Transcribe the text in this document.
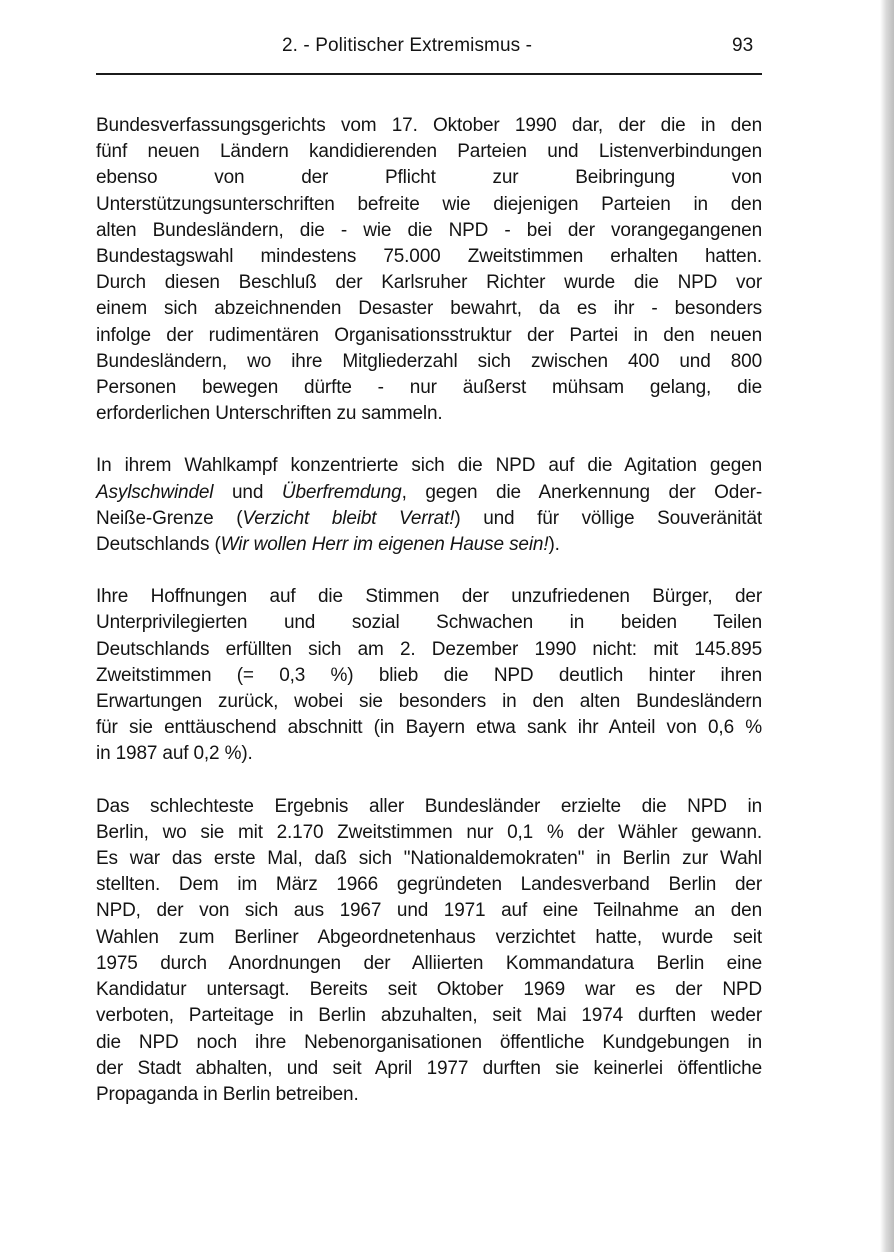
2. - Politischer Extremismus -	93

Bundesverfassungsgerichts vom 17. Oktober 1990 dar, der die in den
fünf neuen Ländern kandidierenden Parteien und Listenverbindungen
ebenso von der Pflicht zur Beibringung von
Unterstützungsunterschriften befreite wie diejenigen Parteien in den
alten Bundesländern, die - wie die NPD - bei der vorangegangenen
Bundestagswahl mindestens 75.000 Zweitstimmen erhalten hatten.
Durch diesen Beschluß der Karlsruher Richter wurde die NPD vor
einem sich abzeichnenden Desaster bewahrt, da es ihr - besonders
infolge der rudimentären Organisationsstruktur der Partei in den neuen
Bundesländern, wo ihre Mitgliederzahl sich zwischen 400 und 800
Personen bewegen dürfte - nur äußerst mühsam gelang, die
erforderlichen Unterschriften zu sammeln.

In ihrem Wahlkampf konzentrierte sich die NPD auf die Agitation gegen
Asylschwindel und Überfremdung, gegen die Anerkennung der Oder-
Neiße-Grenze (Verzicht bleibt Verrat!) und für völlige Souveränität
Deutschlands (Wir wollen Herr im eigenen Hause sein!).

Ihre Hoffnungen auf die Stimmen der unzufriedenen Bürger, der
Unterprivilegierten und sozial Schwachen in beiden Teilen
Deutschlands erfüllten sich am 2. Dezember 1990 nicht: mit 145.895
Zweitstimmen (= 0,3 %) blieb die NPD deutlich hinter ihren
Erwartungen zurück, wobei sie besonders in den alten Bundesländern
für sie enttäuschend abschnitt (in Bayern etwa sank ihr Anteil von 0,6 %
in 1987 auf 0,2 %).

Das schlechteste Ergebnis aller Bundesländer erzielte die NPD in
Berlin, wo sie mit 2.170 Zweitstimmen nur 0,1 % der Wähler gewann.
Es war das erste Mal, daß sich "Nationaldemokraten" in Berlin zur Wahl
stellten. Dem im März 1966 gegründeten Landesverband Berlin der
NPD, der von sich aus 1967 und 1971 auf eine Teilnahme an den
Wahlen zum Berliner Abgeordnetenhaus verzichtet hatte, wurde seit
1975 durch Anordnungen der Alliierten Kommandatura Berlin eine
Kandidatur untersagt. Bereits seit Oktober 1969 war es der NPD
verboten, Parteitage in Berlin abzuhalten, seit Mai 1974 durften weder
die NPD noch ihre Nebenorganisationen öffentliche Kundgebungen in
der Stadt abhalten, und seit April 1977 durften sie keinerlei öffentliche
Propaganda in Berlin betreiben.
